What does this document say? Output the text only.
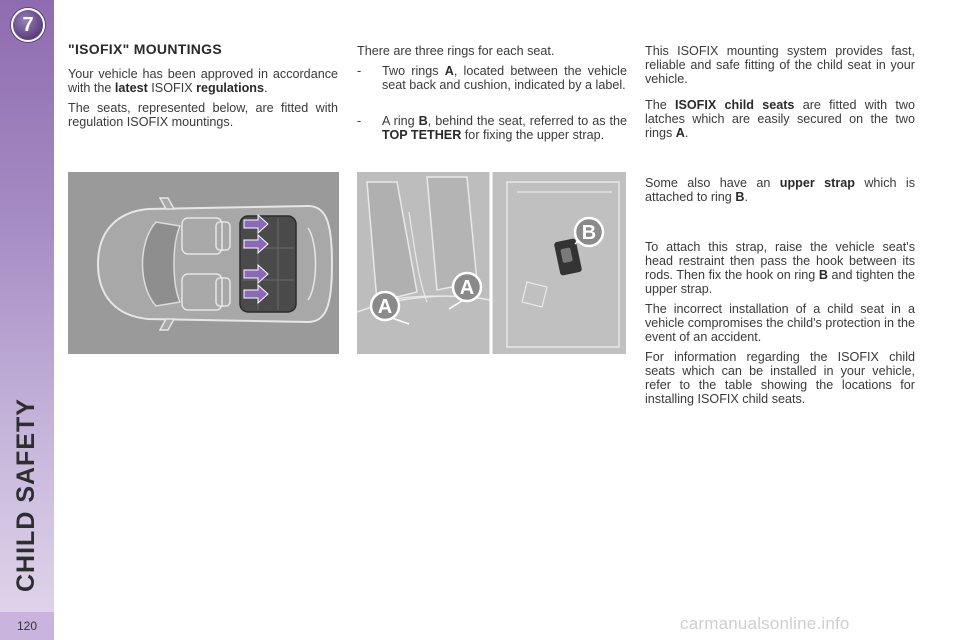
7
CHILD SAFETY
120
"ISOFIX" MOUNTINGS

Your vehicle has been approved in accordance with the latest ISOFIX regulations.

The seats, represented below, are fitted with regulation ISOFIX mountings.

There are three rings for each seat.

-	Two rings A, located between the vehicle seat back and cushion, indicated by a label.
-	A ring B, behind the seat, referred to as the TOP TETHER for fixing the upper strap.

This ISOFIX mounting system provides fast, reliable and safe fitting of the child seat in your vehicle.

The ISOFIX child seats are fitted with two latches which are easily secured on the two rings A.

Some also have an upper strap which is attached to ring B.

To attach this strap, raise the vehicle seat's head restraint then pass the hook between its rods. Then fix the hook on ring B and tighten the upper strap.

The incorrect installation of a child seat in a vehicle compromises the child's protection in the event of an accident.

For information regarding the ISOFIX child seats which can be installed in your vehicle, refer to the table showing the locations for installing ISOFIX child seats.

A
A
B
carmanualsonline.info
